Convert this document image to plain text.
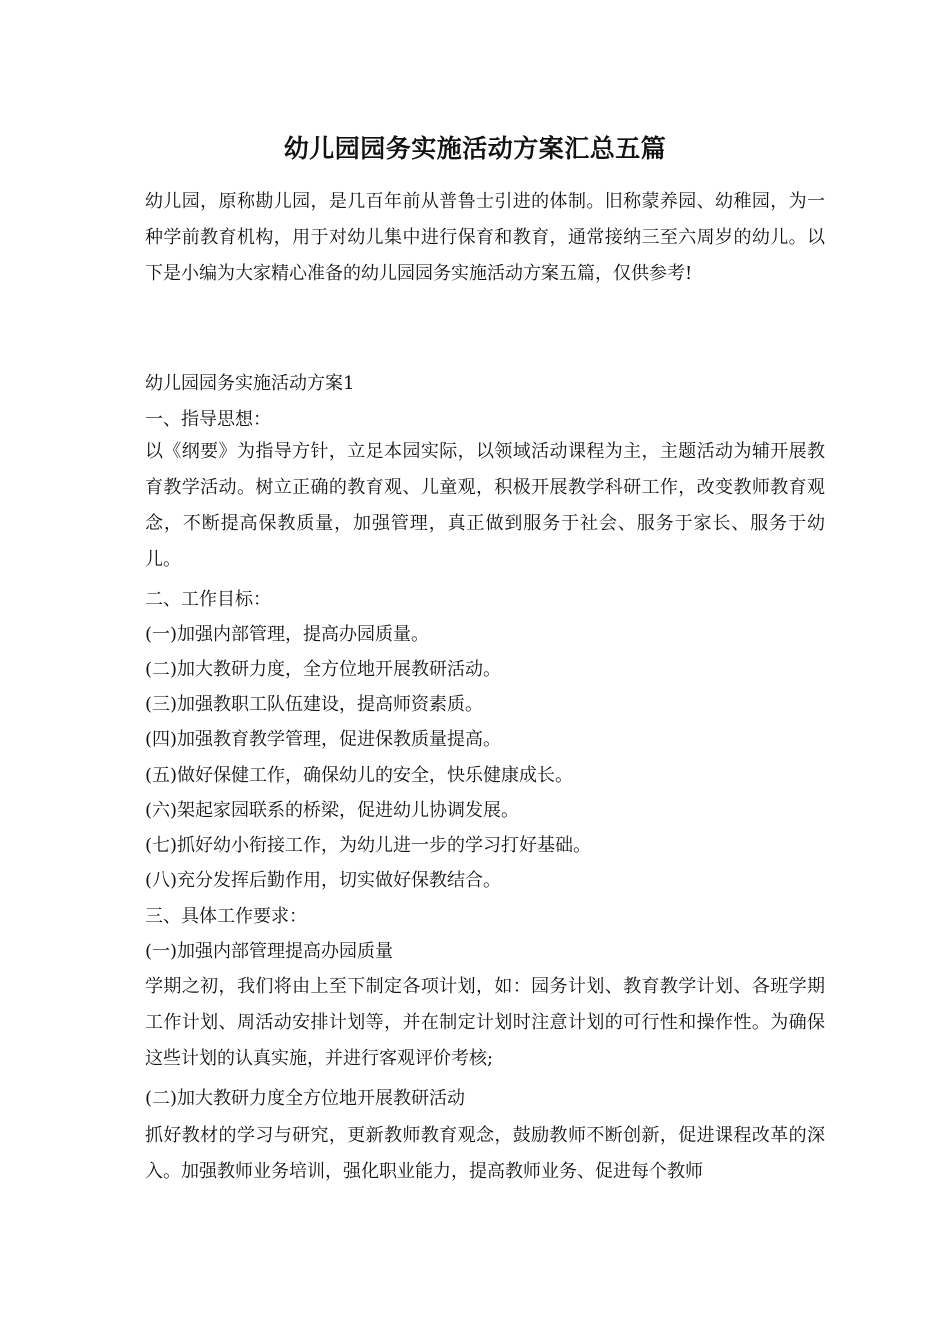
幼儿园园务实施活动方案汇总五篇
幼儿园，原称勘儿园，是几百年前从普鲁士引进的体制。旧称蒙养园、幼稚园，为一种学前教育机构，用于对幼儿集中进行保育和教育，通常接纳三至六周岁的幼儿。以下是小编为大家精心准备的幼儿园园务实施活动方案五篇，仅供参考!
幼儿园园务实施活动方案1
一、指导思想：
以《纲要》为指导方针，立足本园实际，以领域活动课程为主，主题活动为辅开展教育教学活动。树立正确的教育观、儿童观，积极开展教学科研工作，改变教师教育观念，不断提高保教质量，加强管理，真正做到服务于社会、服务于家长、服务于幼儿。
二、工作目标：
(一)加强内部管理，提高办园质量。
(二)加大教研力度，全方位地开展教研活动。
(三)加强教职工队伍建设，提高师资素质。
(四)加强教育教学管理，促进保教质量提高。
(五)做好保健工作，确保幼儿的安全，快乐健康成长。
(六)架起家园联系的桥梁，促进幼儿协调发展。
(七)抓好幼小衔接工作，为幼儿进一步的学习打好基础。
(八)充分发挥后勤作用，切实做好保教结合。
三、具体工作要求：
(一)加强内部管理提高办园质量
学期之初，我们将由上至下制定各项计划，如：园务计划、教育教学计划、各班学期工作计划、周活动安排计划等，并在制定计划时注意计划的可行性和操作性。为确保这些计划的认真实施，并进行客观评价考核;
(二)加大教研力度全方位地开展教研活动
抓好教材的学习与研究，更新教师教育观念，鼓励教师不断创新，促进课程改革的深入。加强教师业务培训，强化职业能力，提高教师业务、促进每个教师
